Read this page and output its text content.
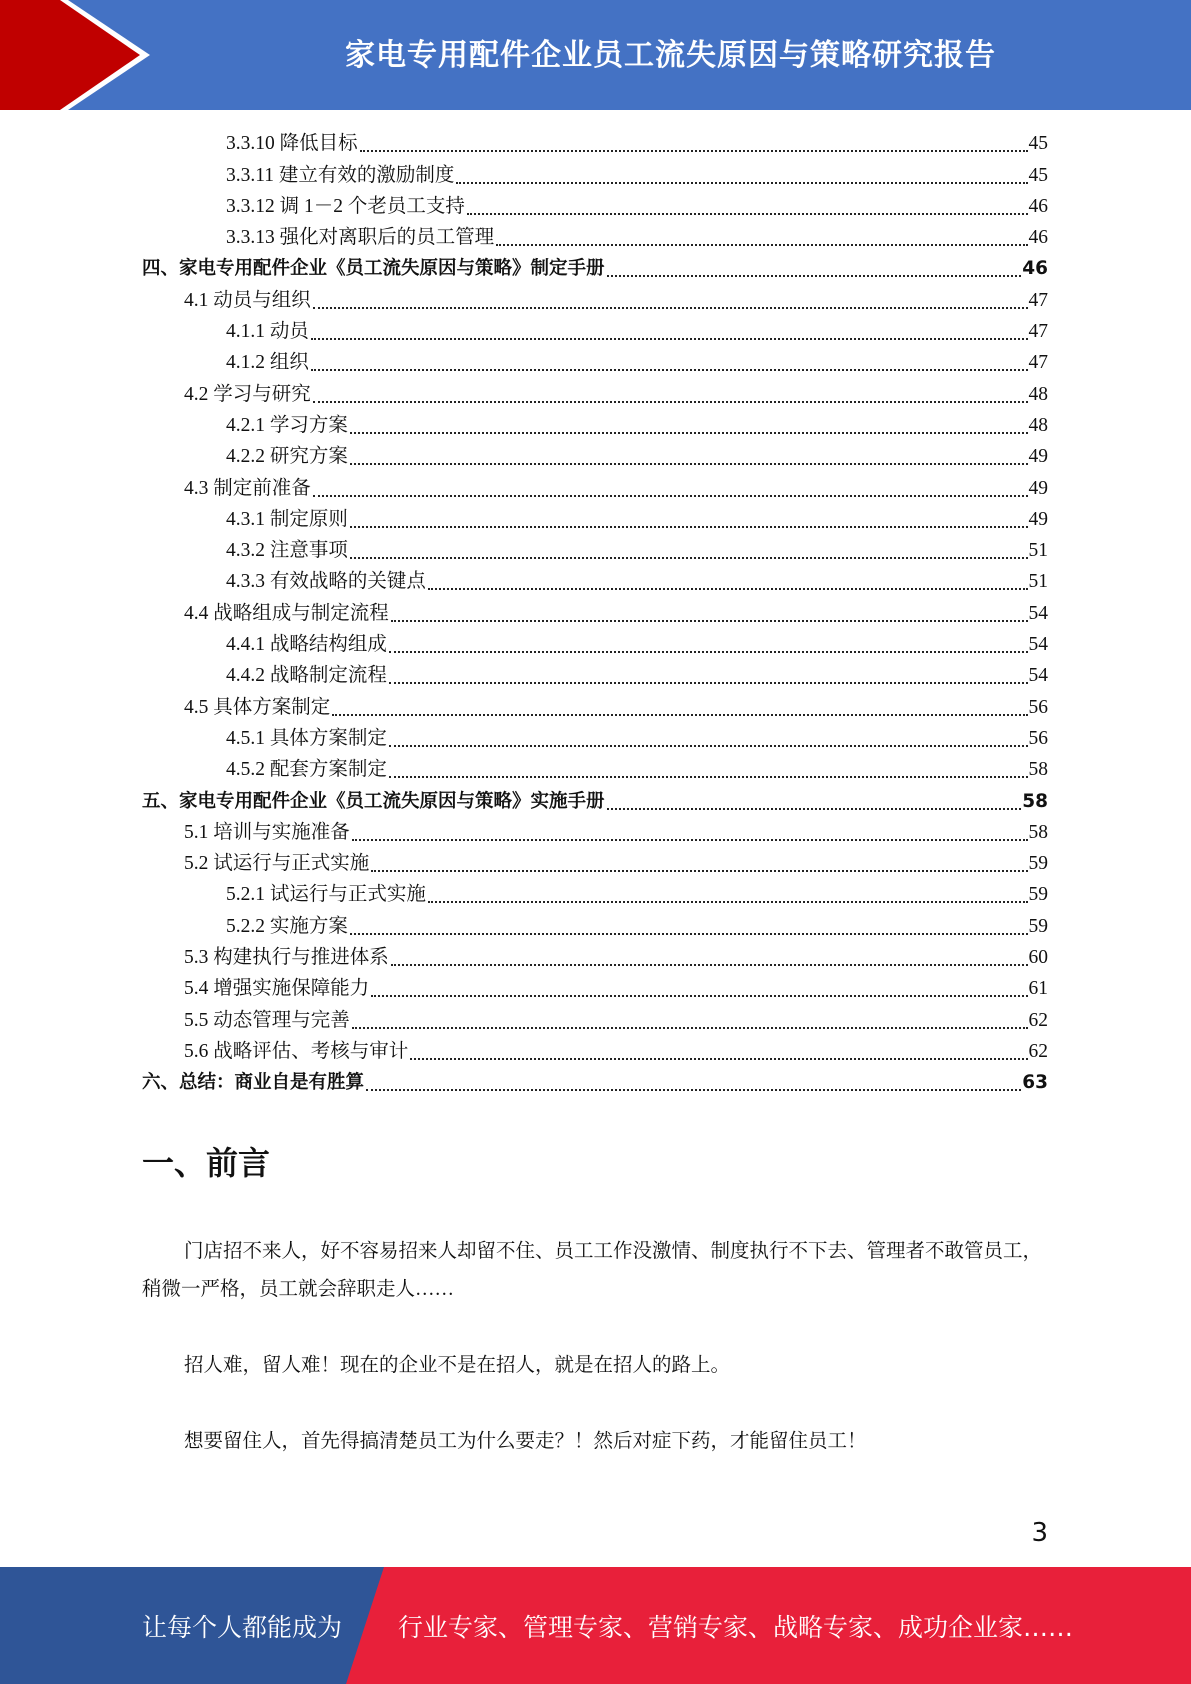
家电专用配件企业员工流失原因与策略研究报告
3.3.10 降低目标	45
3.3.11 建立有效的激励制度	45
3.3.12 调 1－2 个老员工支持	46
3.3.13 强化对离职后的员工管理	46
四、家电专用配件企业《员工流失原因与策略》制定手册	46
4.1 动员与组织	47
4.1.1 动员	47
4.1.2 组织	47
4.2 学习与研究	48
4.2.1 学习方案	48
4.2.2 研究方案	49
4.3 制定前准备	49
4.3.1 制定原则	49
4.3.2 注意事项	51
4.3.3 有效战略的关键点	51
4.4 战略组成与制定流程	54
4.4.1 战略结构组成	54
4.4.2 战略制定流程	54
4.5 具体方案制定	56
4.5.1 具体方案制定	56
4.5.2 配套方案制定	58
五、家电专用配件企业《员工流失原因与策略》实施手册	58
5.1 培训与实施准备	58
5.2 试运行与正式实施	59
5.2.1 试运行与正式实施	59
5.2.2 实施方案	59
5.3 构建执行与推进体系	60
5.4 增强实施保障能力	61
5.5 动态管理与完善	62
5.6 战略评估、考核与审计	62
六、总结：商业自是有胜算	63
一、前言
门店招不来人，好不容易招来人却留不住、员工工作没激情、制度执行不下去、管理者不敢管员工，稍微一严格，员工就会辞职走人……
招人难，留人难！现在的企业不是在招人，就是在招人的路上。
想要留住人，首先得搞清楚员工为什么要走？！然后对症下药，才能留住员工！
3
让每个人都能成为 行业专家、管理专家、营销专家、战略专家、成功企业家……
